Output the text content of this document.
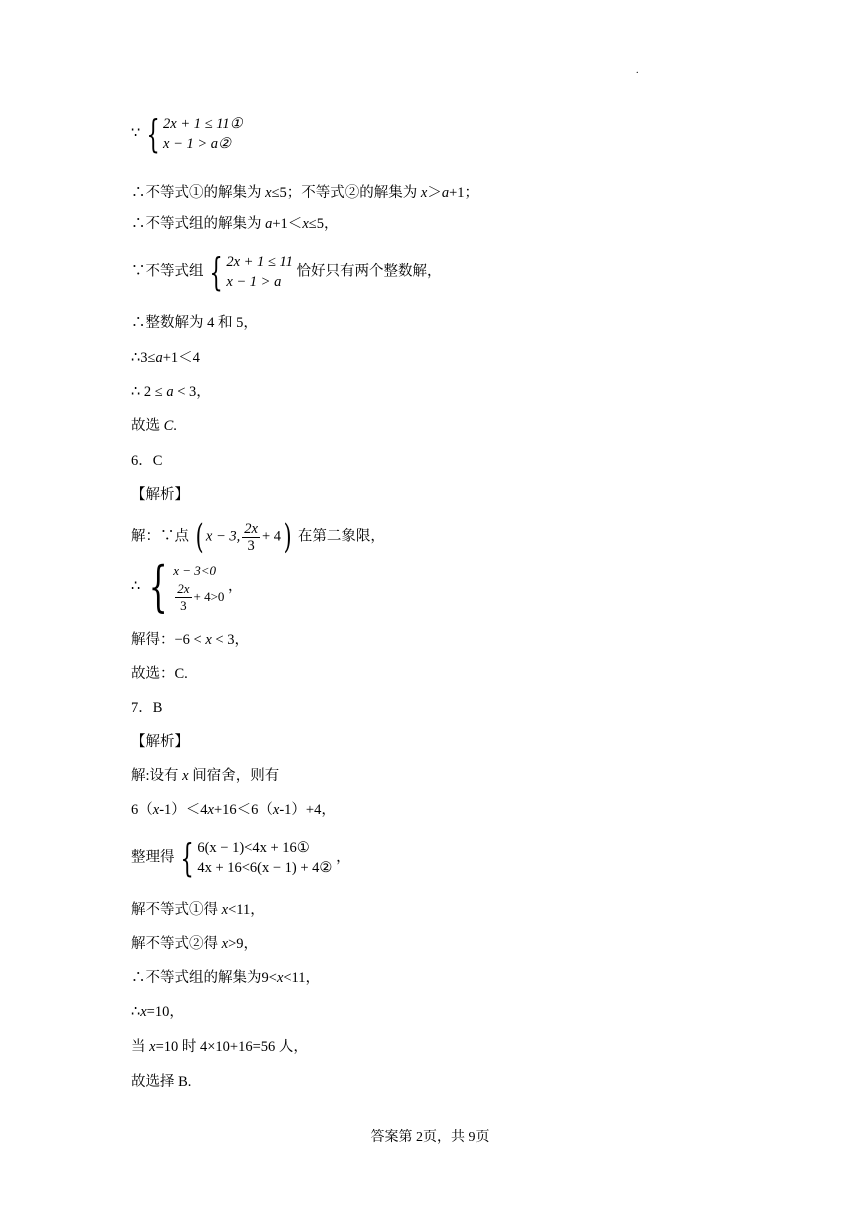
.
∵ { 2x + 1 ≤ 11①
x − 1 > a②
∴不等式①的解集为 x≤5；不等式②的解集为 x＞a+1；
∴不等式组的解集为 a+1＜x≤5，
∵不等式组 { 2x + 1 ≤ 11
x − 1 > a
恰好只有两个整数解，
∴整数解为 4 和 5，
∴3≤a+1＜4
∴ 2 ≤ a < 3，
故选 C.
6．C
【解析】
解：∵点 ( x − 3, $\frac{2x}{3} + 4$) 在第二象限，
∴ { x − 3<0
$\frac{2x}{3} + 4>0$
，
解得：−6 < x < 3，
故选：C.
7．B
【解析】
解:设有 x 间宿舍，则有
6（x-1）＜4x+16＜6（x-1）+4，
整理得 { 6(x − 1)<4x + 16①
4x + 16<6(x − 1) + 4②
，
解不等式①得 x<11，
解不等式②得 x>9，
∴不等式组的解集为9<x<11，
∴x=10，
当 x=10 时 4×10+16=56 人，
故选择 B.
答案第 2页，共 9页
